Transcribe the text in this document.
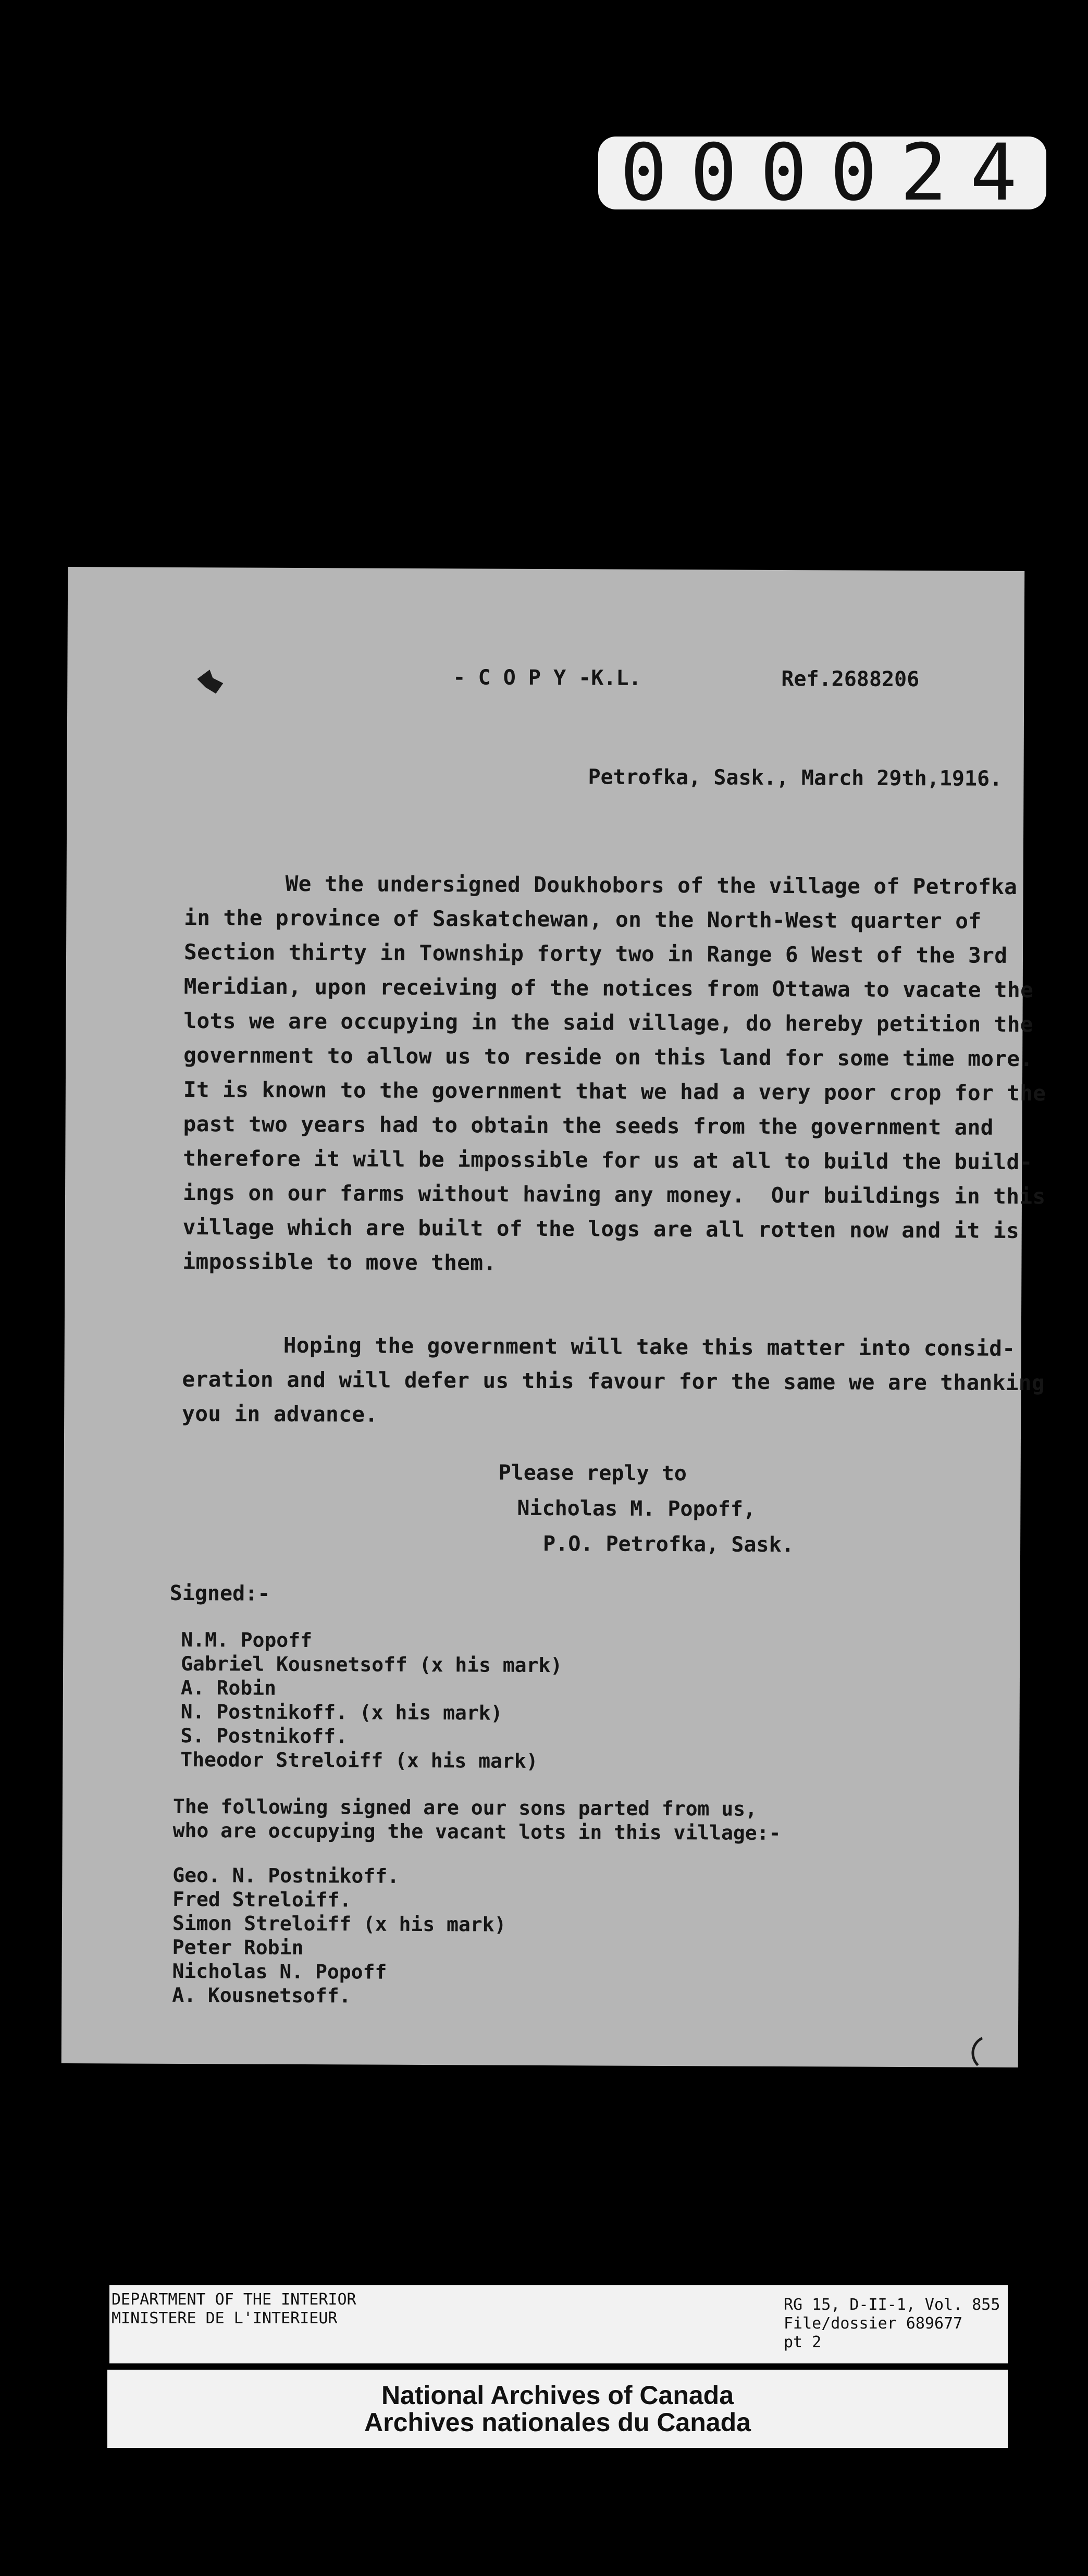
000024
- C O P Y -K.L.	Ref.2688206
Petrofka, Sask., March 29th,1916.
We the undersigned Doukhobors of the village of Petrofka
in the province of Saskatchewan, on the North-West quarter of
Section thirty in Township forty two in Range 6 West of the 3rd
Meridian, upon receiving of the notices from Ottawa to vacate the
lots we are occupying in the said village, do hereby petition the
government to allow us to reside on this land for some time more.
It is known to the government that we had a very poor crop for the
past two years had to obtain the seeds from the government and
therefore it will be impossible for us at all to build the build-
ings on our farms without having any money.  Our buildings in this
village which are built of the logs are all rotten now and it is
impossible to move them.
Hoping the government will take this matter into consid-
eration and will defer us this favour for the same we are thanking
you in advance.
Please reply to
Nicholas M. Popoff,
P.O. Petrofka, Sask.
Signed:-
N.M. Popoff
Gabriel Kousnetsoff (x his mark)
A. Robin
N. Postnikoff. (x his mark)
S. Postnikoff.
Theodor Streloiff (x his mark)
The following signed are our sons parted from us,
who are occupying the vacant lots in this village:-
Geo. N. Postnikoff.
Fred Streloiff.
Simon Streloiff (x his mark)
Peter Robin
Nicholas N. Popoff
A. Kousnetsoff.
DEPARTMENT OF THE INTERIOR
MINISTERE DE L'INTERIEUR
RG 15, D-II-1, Vol. 855
File/dossier 689677
pt 2
National Archives of Canada
Archives nationales du Canada
